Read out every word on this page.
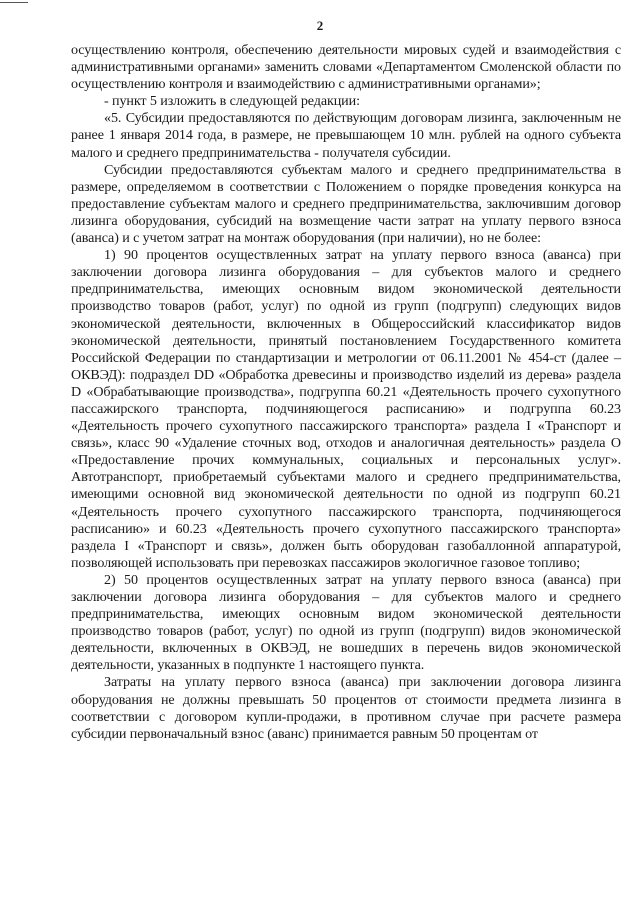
2

осуществлению контроля, обеспечению деятельности мировых судей и взаимодействия с административными органами» заменить словами «Департаментом Смоленской области по осуществлению контроля и взаимодействию с административными органами»;

- пункт 5 изложить в следующей редакции:

«5. Субсидии предоставляются по действующим договорам лизинга, заключенным не ранее 1 января 2014 года, в размере, не превышающем 10 млн. рублей на одного субъекта малого и среднего предпринимательства - получателя субсидии.

Субсидии предоставляются субъектам малого и среднего предпринимательства в размере, определяемом в соответствии с Положением о порядке проведения конкурса на предоставление субъектам малого и среднего предпринимательства, заключившим договор лизинга оборудования, субсидий на возмещение части затрат на уплату первого взноса (аванса) и с учетом затрат на монтаж оборудования (при наличии), но не более:

1) 90 процентов осуществленных затрат на уплату первого взноса (аванса) при заключении договора лизинга оборудования – для субъектов малого и среднего предпринимательства, имеющих основным видом экономической деятельности производство товаров (работ, услуг) по одной из групп (подгрупп) следующих видов экономической деятельности, включенных в Общероссийский классификатор видов экономической деятельности, принятый постановлением Государственного комитета Российской Федерации по стандартизации и метрологии от 06.11.2001 № 454-ст (далее – ОКВЭД): подраздел DD «Обработка древесины и производство изделий из дерева» раздела D «Обрабатывающие производства», подгруппа 60.21 «Деятельность прочего сухопутного пассажирского транспорта, подчиняющегося расписанию» и подгруппа 60.23 «Деятельность прочего сухопутного пассажирского транспорта» раздела I «Транспорт и связь», класс 90 «Удаление сточных вод, отходов и аналогичная деятельность» раздела O «Предоставление прочих коммунальных, социальных и персональных услуг». Автотранспорт, приобретаемый субъектами малого и среднего предпринимательства, имеющими основной вид экономической деятельности по одной из подгрупп 60.21 «Деятельность прочего сухопутного пассажирского транспорта, подчиняющегося расписанию» и 60.23 «Деятельность прочего сухопутного пассажирского транспорта» раздела I «Транспорт и связь», должен быть оборудован газобаллонной аппаратурой, позволяющей использовать при перевозках пассажиров экологичное газовое топливо;

2) 50 процентов осуществленных затрат на уплату первого взноса (аванса) при заключении договора лизинга оборудования – для субъектов малого и среднего предпринимательства, имеющих основным видом экономической деятельности производство товаров (работ, услуг) по одной из групп (подгрупп) видов экономической деятельности, включенных в ОКВЭД, не вошедших в перечень видов экономической деятельности, указанных в подпункте 1 настоящего пункта.

Затраты на уплату первого взноса (аванса) при заключении договора лизинга оборудования не должны превышать 50 процентов от стоимости предмета лизинга в соответствии с договором купли-продажи, в противном случае при расчете размера субсидии первоначальный взнос (аванс) принимается равным 50 процентам от
